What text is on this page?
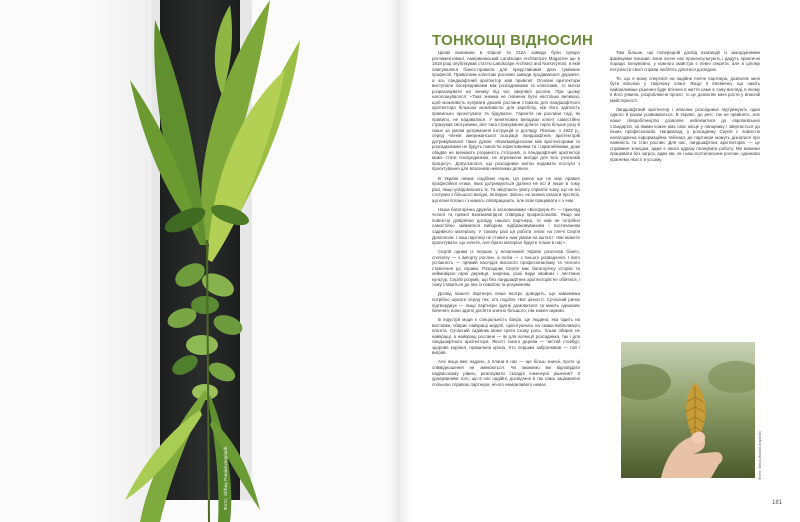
Фото: Abhay Punia/Unsplash
ТОНКОЩІ ВІДНОСИН

Цікаві взаємини в Європі та США завжди були суворо регламентовані. Американський Landscape Architecture Magazine ще в 1918 році опублікував статтю Landscape Architect and Nurseryman, в якій описувалися бізнес-правила для представників двох суміжних професій. Приватним клієнтам рослини завжди продавалися дорожче, а ось ландшафтний архітектор мав привілеї. Основні архітектори виступали посередниками між розсадниками та клієнтами, то могли розраховувати на знижку під час закупівлі рослин. При цьому наголошувалося: «Така знижка не повинна бути настільки великою, щоб можливість купувати дешеві рослини ставала для ландшафтного архітектора більшою можливістю для заробітку, ніж його здатність правильно проєктувати та будувати». Гарантія на рослини тоді, як правило, не надавалася. У винятковиx випадках клієнт самостійно страхував свої ризики, але така страхування ділило торги більше розу й лише за умови дотримання інструкцій із догляду. Пізніше, з 1922 р., серед членів американської асоціації ландшафтних архітекторів дотримувалися таких думок: «Взаємовідносини між архітекторами та розсадниками не будуть повністю ефективними та і гармонійними, доки обидва не визнають розумність стосунків, а ландшафтний архітектор може стати посередником, не втрачаючи вигоди для всіх учасників процесу». Допускалося, що розсадники могли надавати послуги з проєктування для власників невеликих ділянок.

В Україні немає подібних норм. Ця ринок ще не має правил професійної етики, яких дотримуються далеко не всі й лише в тому разі, якщо усвідомлюють їх. Та звертають увагу сприяти чому, що не всі стосунки з більшого вигідні, як видно. Звісно, не можна сказати про всіх, що вони погано і з кимось співпрацюють, але всім працювати є з чим.

Наша багаторічна дружба із засновниками «Біосфера-Л» — приклад чесної та прямої взаємовигідної співпраці професіоналів. Якщо ми повністю довіряємо досвіду нашого партнера, то нам не потрібно самостійно займатися вибором, відбраковуванням і постачанням садивного матеріалу. У такому разі ця робота лягає на плечі Сергія Довгополи. І наш партнер не ставить нам умови на кшталт: «Ви можете проєктувати, що хочете, але брати матеріал будете тільки в нас».

Сергій одним із перших у незалежній Україні розпочав бізнес, спочатку — з імпорту рослин, а потім — з їхнього розведення. І його успішність — прямий наслідок високого професіоналізму та чесного ставлення до справи. Розсадник Сергія має багаторічну історію та неймовірно гарні деревця, зокрема, різні види хвойних і листяних культур. Сергій розуміє, що без ландшафтних архітекторів не обійтися, і тому ставиться до них із повагою та розумінням.

Досвід нашого партнера лише вкотре доводить, що замовника потрібно шукати серед тих, хто поділяє твої цінності. Сучасний ринок підтверджує — якщо партнери здатні домовитися та мають однакове бачення, вони здатні досягти значно більшого, ніж кожен окремо.

В індустрії моди є спеціальність баєра. Це людина, яка їздить на виставки, обирає найкращі моделі, орієнтуючись на смаки вибагливого клієнта. Сучасний садівник може грати схожу роль, тільки обирає не найкращі, а найкращі рослини — як для колекції розсадника, так і для ландшафтного архітектора. Якості такого дерева — чистий стовбур, здорове коріння, правильна крона. Хто першим забронював — той і виграв.

Але якщо вже надано, а плани в нас — ще більш значні, проте ці співвідношення не змінюються. Чи зможемо ми відповідати надвисокому рівню, реалізувати складні інженерні рішення? З урахуванням того, що в нас надійні, досвідчені й так само зацікавлені спільною справою партнери, нічого неможливого немає.

Тим більше, що попередній досвід взаємодії із закордонними фахівцями показав: вони охоче нас проконсультують і дадуть практичні поради. Безумовно, у кожного майстра є певні секрети, але в цілому ентузіасти своєї справи люблять ділитися досвідом.

Те, що я можу спертися на надійне плече партнера, дозволяє мені бути вільною у творчому плані. Якщо я впевнена, що навіть найсміливіше рішення буде втілене в життя саме в тому вигляді, в якому я його уявила, розробляючи проєкт, то це дозволяє мені рости у власній майстерності.

Ландшафтний архітектор і власник розсадника підтримують один одного й разом розвиваються. В Україні, до речі, так не прийнято, але наше співробітництво дозволяє наблизитися до європейських стандартів, за якими кожен має своє місце у ланцюжку і звертається до інших професіоналів. Наприклад, у розсаднику Сергія є повністю налагоджена інформаційна таблиця, де партнери можуть дізнатися про наявність та стан рослин. Для нас, ландшафтних архітекторів, — це справжня знахідка, адже є змога одразу планувати роботу. Ми можемо працювати без загроз, адже ми, як і наш постачальник рослин, однаково прагнемо якості в усьому.

Фото: Brina Blum/Unsplash
181
